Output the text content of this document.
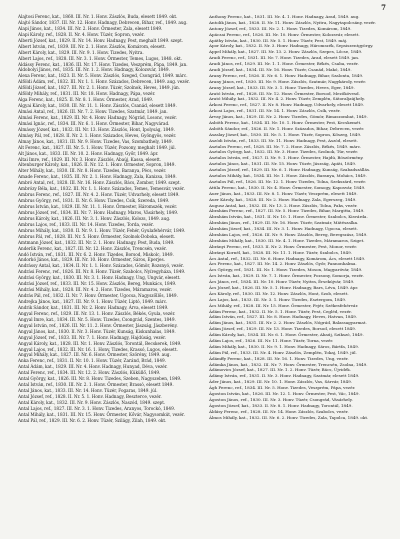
7

Alajtosi Ferenc, kat., 1860. III. Nr. 1. Honv. Zászlós, Buda, elesett 1849. okt.

Alajtó Sándor, 1837. III. Nr. 12. Honv. Hadnagy, Debrecen, Bihar, ref., 1849. aug.

Alapi János, kat., 1834. III. Nr. 2. Honv. Őrmester, Zala, elesett 1849.

Alapi Károly, ref., 1828. II. Nr. 4. Honv. Tüzér, Sopron, vezér.

Alberti József, kat., 1829. II. Nr. 14. Honv. Hadnagy, Pest, meghalt 1849. szept.

Albert István, ref., 1839. III. Nr. 2. 1. Honv. Zászlós, Komárom, elesett.

Albert Károly, kat., 1829. III. Nr. 9. 1. Honv. Tizedes, Nyitra.

Albert Lajos, ref., 1828. III. Nr. 3. 1. Honv. Őrmester, Temes, Lugos, 1848. okt.

Aldássy Ferenc, kat., 1836. III. Nr. 17. Honv. Tizedes, Veszprém, Pápa, 1849. jan.

Aldobolyi János, ref., 1835. III. Nr. 1. 2. Honv. Hadnagy, Kolozsvár, 1849.

Alexa Ferenc, kat., 1823. II. Nr. 5. Honv. Zászlós, Szeged, Csongrád, 1849. márc.

Alföldi Ádám, ref., 1832. III. Nr. 1. 1. Honv. Százados, Debrecen, 1849. aug. vezér.

Alföldi József, kat., 1827. III. Nr. 2. 1. Honv. Tüzér, Szolnok, Heves, 1849. jún.

Alföldy Mihály, ref., 1831. III. Nr. 18. Honv. Hadnagy, Pápa, vezér.

Alga Ferenc, kat., 1825. II. Nr. 8. 1. Honv. Őrmester, Arad, 1849.

Algyai Károly, kat., 1830. III. Nr. 11. 1. Honv. Zászlós, Csanád, elesett 1849.

Almási Antal, ref., 1826. III. Nr. 7. 2. Honv. Tizedes, Szatmár, 1849. jan.

Almási Ferenc, kat., 1829. III. Nr. 4. Honv. Hadnagy, Nógrád, Losonc, vezér.

Almási Ignác, ref., 1834. III. Nr. 6. 1. Honv. Őrmester, Bihar, Nagyvárad.

Almássy József, kat., 1832. III. Nr. 13. Honv. Zászlós, Hont, Ipolyság, 1849.

Almásy Pál, ref., 1828. II. Nr. 2. 1. Honv. Százados, Heves, Gyöngyös, vezér.

Almay János, kat., 1831. III. Nr. 9. Honv. Tizedes, Vas, Szombathely, 1849.

Alt Ferenc, kat., 1827. III. Nr. 5. 1. Honv. Tüzér, Pozsony, meghalt 1849. júl.

Alt János, kat., 1833. III. Nr. 10. 2. Honv. Hadnagy, Győr, 1849. ápr.

Altai Imre, ref., 1829. III. Nr. 3. Honv. Zászlós, Abaúj, Kassa, elesett.

Altenburger Károly, kat., 1826. II. Nr. 12. 1. Honv. Őrmester, Sopron, 1849.

Alter Mihály, kat., 1830. III. Nr. 8. Honv. Tizedes, Baranya, Pécs, vezér.

Amade Ferenc, kat., 1835. III. Nr. 2. 1. Honv. Hadnagy, Zala, Kanizsa, 1849.

Ambró Antal, ref., 1828. III. Nr. 16. Honv. Zászlós, Bács, Zombor, 1849. szept.

Ambrózy Béla, kat., 1832. III. Nr. 1. 1. Honv. Százados, Temes, Temesvár, vezér.

Ambrus Ferenc, ref., 1827. III. Nr. 4. 2. Honv. Tüzér, Udvarhely, elesett 1849.

Ambrus György, ref., 1831. II. Nr. 6. Honv. Tizedes, Csík, Szereda, 1849.

Ambrus István, kat., 1829. III. Nr. 11. 1. Honv. Őrmester, Háromszék, vezér.

Ambrus József, ref., 1834. III. Nr. 7. Honv. Hadnagy, Maros, Vásárhely, 1849.

Ambrus Károly, kat., 1826. III. Nr. 3. 1. Honv. Zászlós, Kolozs, 1849. aug.

Ambrus Lajos, ref., 1833. III. Nr. 14. Honv. Tizedes, Torda, vezér.

Ambrus Mihály, kat., 1830. II. Nr. 9. 1. Honv. Tüzér, Fehér, Gyulafehérvár, 1849.

Ambrus Pál, ref., 1828. III. Nr. 5. Honv. Őrmester, Szolnok-Doboka, elesett.

Amtmann József, kat., 1832. III. Nr. 2. 1. Honv. Hadnagy, Pest, Buda, 1849.

Anderlik Ferenc, kat., 1827. III. Nr. 12. Honv. Zászlós, Trencsén, vezér.

Andó István, ref., 1831. III. Nr. 6. 2. Honv. Tizedes, Borsod, Miskolc, 1849.

Andorkó János, kat., 1829. III. Nr. 10. Honv. Őrmester, Sáros, Eperjes.

Andrássy Antal, kat., 1834. II. Nr. 1. 1. Honv. Százados, Gömör, Rozsnyó, vezér.

Andrási Ferenc, ref., 1826. III. Nr. 8. Honv. Tüzér, Szabolcs, Nyíregyháza, 1849.

Andrási György, kat., 1830. III. Nr. 3. 1. Honv. Hadnagy, Ung, Ungvár, elesett.

Andrási József, ref., 1833. III. Nr. 15. Honv. Zászlós, Bereg, Munkács, 1849.

Andrási Mihály, kat., 1828. III. Nr. 4. 2. Honv. Tizedes, Máramaros, vezér.

András Pál, ref., 1832. II. Nr. 7. Honv. Őrmester, Ugocsa, Nagyszőllős, 1849.

Andrejka János, kat., 1827. III. Nr. 9. 1. Honv. Tüzér, Liptó, 1849. márc.

Andrik Sándor, kat., 1831. III. Nr. 2. Honv. Hadnagy, Árva, elesett 1849.

Angyal Ferenc, ref., 1829. III. Nr. 13. 1. Honv. Zászlós, Békés, Gyula, vezér.

Angyal Imre, kat., 1834. III. Nr. 5. Honv. Tizedes, Csongrád, Szentes, 1849.

Angyal István, ref., 1826. III. Nr. 11. 2. Honv. Őrmester, Jászság, Jászberény.

Angyal János, kat., 1830. II. Nr. 3. Honv. Tüzér, Kunság, Kiskunhalas, 1849.

Angyal József, ref., 1833. III. Nr. 7. 1. Honv. Hadnagy, Hajdúság, vezér.

Angyal Károly, kat., 1828. III. Nr. 1. Honv. Zászlós, Torontál, Becskerek, 1849.

Angyal Lajos, ref., 1832. III. Nr. 16. 1. Honv. Tizedes, Krassó, Lugos, elesett.

Angyal Mihály, kat., 1827. III. Nr. 6. Honv. Őrmester, Szörény, 1849. aug.

Anka Ferenc, ref., 1831. II. Nr. 10. 1. Honv. Tüzér, Zaránd, Brád, 1849.

Antal Ádám, kat., 1829. III. Nr. 4. Honv. Hadnagy, Hunyad, Déva, vezér.

Antal Ferenc, ref., 1834. III. Nr. 12. 2. Honv. Zászlós, Küküllő, 1849.

Antal György, kat., 1826. III. Nr. 8. Honv. Tizedes, Szeben, Nagyszeben, 1849.

Antal István, ref., 1830. III. Nr. 2. 1. Honv. Őrmester, Brassó, elesett 1849.

Antal János, kat., 1833. III. Nr. 14. Honv. Tüzér, Fogaras, 1849. júl.

Antal József, ref., 1828. II. Nr. 5. 1. Honv. Hadnagy, Beszterce, vezér.

Antal Károly, kat., 1832. III. Nr. 9. Honv. Zászlós, Naszód, 1849. szept.

Antal Lajos, ref., 1827. III. Nr. 3. 1. Honv. Tizedes, Aranyos, Torockó, 1849.

Antal Mihály, kat., 1831. III. Nr. 15. Honv. Őrmester, Kővár, Nagysomkút, vezér.

Antal Pál, ref., 1829. III. Nr. 6. 2. Honv. Tüzér, Szilágy, Zilah, 1849. okt.

Anthony Ferenc, kat., 1831. III. Nr. 4. 1. Honv. Hadnagy, Arad, 1849. aug.

Antolik János, kat., 1828. II. Nr. 11. Honv. Zászlós, Nyitra, Nagytapolcsány, vezér.

Antony József, ref., 1833. III. Nr. 2. 1. Honv. Tizedes, Komárom, 1849.

Apáczai Ferenc, ref., 1826. III. Nr. 10. Honv. Őrmester, Kolozsvár, elesett.

Apáthy István, kat., 1830. III. Nr. 5. 1. Honv. Tüzér, Pest, 1849. máj.

Apor Károly, kat., 1832. II. Nr. 3. Honv. Hadnagy, Háromszék, Sepsiszentgyörgy.

Appel Mihály, kat., 1827. III. Nr. 13. 2. Honv. Zászlós, Szepes, Lőcse, 1849.

Aradi Ferenc, ref., 1831. III. Nr. 7. Honv. Tizedes, Arad, elesett 1849. jan.

Aradi János, ref., 1829. III. Nr. 1. 1. Honv. Őrmester, Békés, Csaba, vezér.

Aradi József, kat., 1834. III. Nr. 16. Honv. Tüzér, Csanád, Makó, 1849.

Arany Ferenc, ref., 1826. II. Nr. 6. 1. Honv. Hadnagy, Bihar, Szalonta, 1849.

Arany János, ref., 1830. III. Nr. 9. Honv. Zászlós, Szatmár, Nagykároly, vezér.

Arany József, kat., 1833. III. Nr. 3. 1. Honv. Tizedes, Heves, Eger, 1849.

Arató István, ref., 1828. III. Nr. 12. Honv. Őrmester, Borsod, Mezőkövesd.

Arató Mihály, kat., 1832. III. Nr. 4. 2. Honv. Tüzér, Zemplén, Sátoraljaújhely.

Árkosi Ferenc, ref., 1827. II. Nr. 8. Honv. Hadnagy, Udvarhely, elesett 1849.

Árkosi Lajos, ref., 1831. III. Nr. 14. 1. Honv. Zászlós, Csík, vezér.

Árvay János, kat., 1829. III. Nr. 2. Honv. Tizedes, Gömör, Rimaszombat, 1849.

Asbóth Ferenc, kat., 1834. III. Nr. 10. 1. Honv. Őrmester, Pest, Kecskemét.

Asbóth Sándor, ref., 1826. II. Nr. 1. Honv. Százados, Bihar, Debrecen, vezér.

Aszalay József, kat., 1830. III. Nr. 5. 1. Honv. Tüzér, Sopron, Kőszeg, 1849.

Aszódi István, ref., 1833. III. Nr. 11. Honv. Hadnagy, Pest, Aszód, elesett.

Asztalos Ferenc, ref., 1828. III. Nr. 7. 2. Honv. Zászlós, Békés, 1849. márc.

Asztalos György, kat., 1832. III. Nr. 3. Honv. Tizedes, Szolnok, Túr, vezér.

Asztalos István, ref., 1827. II. Nr. 9. 1. Honv. Őrmester, Hajdú, Böszörmény.

Asztalos János, kat., 1831. III. Nr. 15. Honv. Tüzér, Jászság, Apáti, 1849.

Asztalos József, ref., 1829. III. Nr. 6. 1. Honv. Hadnagy, Kunság, Szabadszállás.

Asztalos Mihály, kat., 1834. III. Nr. 1. Honv. Zászlós, Baranya, Mohács, 1849.

Asztalos Pál, ref., 1826. III. Nr. 12. 1. Honv. Tizedes, Tolna, Szekszárd, vezér.

Attila Ferenc, kat., 1830. II. Nr. 4. Honv. Őrmester, Somogy, Kaposvár, 1849.

Auer János, kat., 1833. III. Nr. 8. 1. Honv. Tüzér, Veszprém, elesett 1849.

Auer Károly, kat., 1828. III. Nr. 2. Honv. Hadnagy, Zala, Egerszeg, 1849.

Augusz Antal, kat., 1832. III. Nr. 13. 2. Honv. Zászlós, Tolna, Paks, vezér.

Ábrahám Ferenc, ref., 1827. III. Nr. 5. Honv. Tizedes, Bihar, Margitta, 1849.

Ábrahám István, kat., 1831. II. Nr. 10. 1. Honv. Őrmester, Szabolcs, Kisvárda.

Ábrahám János, ref., 1829. III. Nr. 16. Honv. Tüzér, Szatmár, Mátészalka.

Ábrahám József, kat., 1834. III. Nr. 3. 1. Honv. Hadnagy, Ugocsa, elesett.

Ábrahám Lajos, ref., 1826. III. Nr. 9. Honv. Zászlós, Bereg, Beregszász, 1849.

Ábrahám Mihály, kat., 1830. III. Nr. 4. 1. Honv. Tizedes, Máramaros, Sziget.

Ábrányi Ferenc, ref., 1833. II. Nr. 2. Honv. Őrmester, Pest, Monor, vezér.

Ábrányi Kornél, kat., 1828. III. Nr. 11. 1. Honv. Tüzér, Szabolcs, 1849.

Ács Antal, ref., 1832. III. Nr. 6. Honv. Hadnagy, Komárom, Ács, elesett 1849.

Ács Ferenc, kat., 1827. III. Nr. 14. 2. Honv. Zászlós, Győr, Pannonhalma.

Ács György, ref., 1831. III. Nr. 1. Honv. Tizedes, Moson, Magyaróvár, 1849.

Ács István, kat., 1829. II. Nr. 7. 1. Honv. Őrmester, Pozsony, Somorja, vezér.

Ács János, ref., 1834. III. Nr. 10. Honv. Tüzér, Nyitra, Érsekújvár, 1849.

Ács József, kat., 1826. III. Nr. 5. 1. Honv. Hadnagy, Bars, Léva, 1849. ápr.

Ács Károly, ref., 1830. III. Nr. 12. Honv. Zászlós, Hont, Szob, elesett.

Ács Lajos, kat., 1833. III. Nr. 3. 1. Honv. Tizedes, Esztergom, 1849.

Ács Mihály, ref., 1828. III. Nr. 15. Honv. Őrmester, Fejér, Székesfehérvár.

Ádám Ferenc, kat., 1832. II. Nr. 5. 1. Honv. Tüzér, Pest, Cegléd, vezér.

Ádám István, ref., 1827. III. Nr. 8. Honv. Hadnagy, Heves, Hatvan, 1849.

Ádám János, kat., 1831. III. Nr. 2. 2. Honv. Zászlós, Nógrád, Balassagyarmat.

Ádám József, ref., 1829. III. Nr. 13. Honv. Tizedes, Borsod, elesett 1849.

Ádám Károly, kat., 1834. III. Nr. 6. 1. Honv. Őrmester, Abaúj, Szikszó, 1849.

Ádám Lajos, ref., 1826. III. Nr. 11. Honv. Tüzér, Torna, vezér.

Ádám Mihály, kat., 1830. II. Nr. 9. 1. Honv. Hadnagy, Sáros, Bártfa, 1849.

Ádám Pál, ref., 1833. III. Nr. 4. Honv. Zászlós, Zemplén, Tokaj, 1849. júl.

Ádámffy Ferenc, kat., 1828. III. Nr. 16. 1. Honv. Tizedes, Ung, vezér.

Ádámka János, kat., 1832. III. Nr. 7. Honv. Őrmester, Trencsén, Zsolna, 1849.

Ádámovics József, kat., 1827. III. Nr. 1. 2. Honv. Tüzér, Bács, Újvidék.

Ádámy István, ref., 1831. II. Nr. 3. Honv. Hadnagy, Szatmár, elesett 1849.

Áder János, kat., 1829. III. Nr. 10. 1. Honv. Zászlós, Vas, Sárvár, 1849.

Ágh Ferenc, ref., 1834. III. Nr. 5. Honv. Tizedes, Veszprém, Pápa, vezér.

Ágoston István, kat., 1826. III. Nr. 12. 1. Honv. Őrmester, Pest, Vác, 1849.

Ágoston János, ref., 1830. III. Nr. 3. Honv. Tüzér, Csongrád, Vásárhely.

Ágoston József, kat., 1833. II. Nr. 8. 1. Honv. Hadnagy, Torontál, 1849.

Áldásy Ferenc, ref., 1828. III. Nr. 14. Honv. Zászlós, Szabolcs, vezér.

Álmos Mihály, kat., 1832. III. Nr. 6. 2. Honv. Tizedes, Zala, Tapolca, 1849. okt.
